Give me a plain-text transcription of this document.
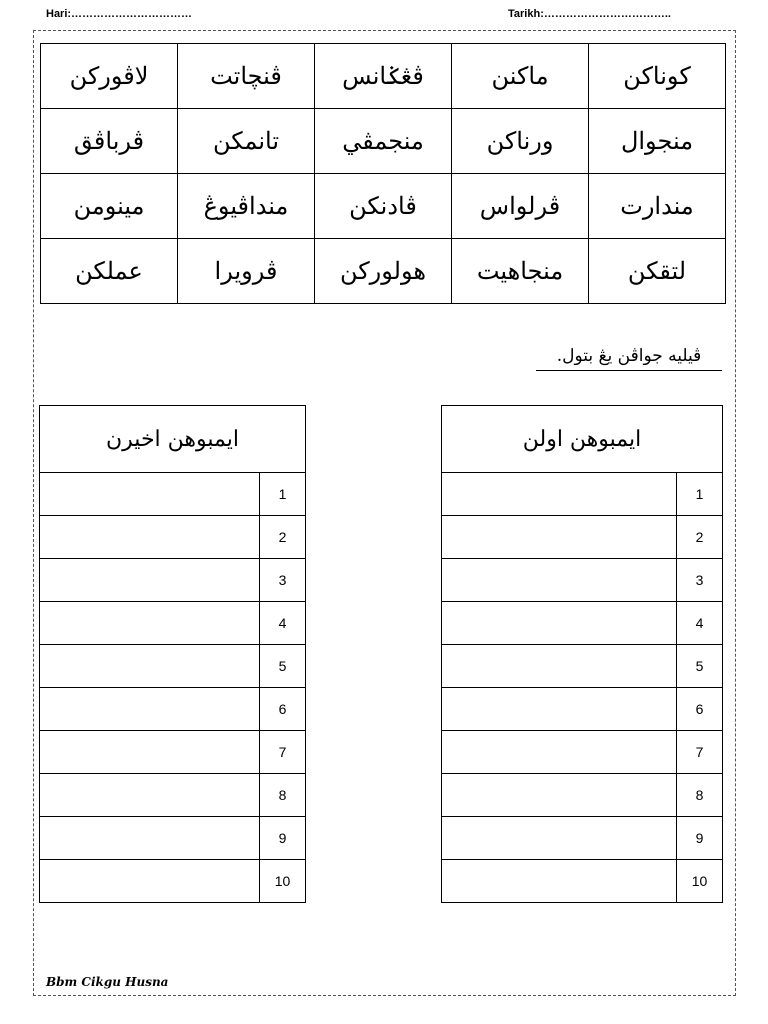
Hari:……………………………	Tarikh:……………………………..
کوناکن	ماکنن	ڤڠݢانس	ڤنچاتت	لاڤورکن
منجوال	ورناکن	منجمڤي	تانمکن	ڤرباڤق
مندارت	ڤرلواس	ڤادنکن	منداڤيوڠ	مينومن
لتقکن	منجاهيت	هولورکن	ڤرويرا	عملکن
ڤيليه جواڤن يڠ بتول.
ايمبوهن اخيرن	
	1
	2
	3
	4
	5
	6
	7
	8
	9
	10
ايمبوهن اولن	
	1
	2
	3
	4
	5
	6
	7
	8
	9
	10
Bbm Cikgu Husna
